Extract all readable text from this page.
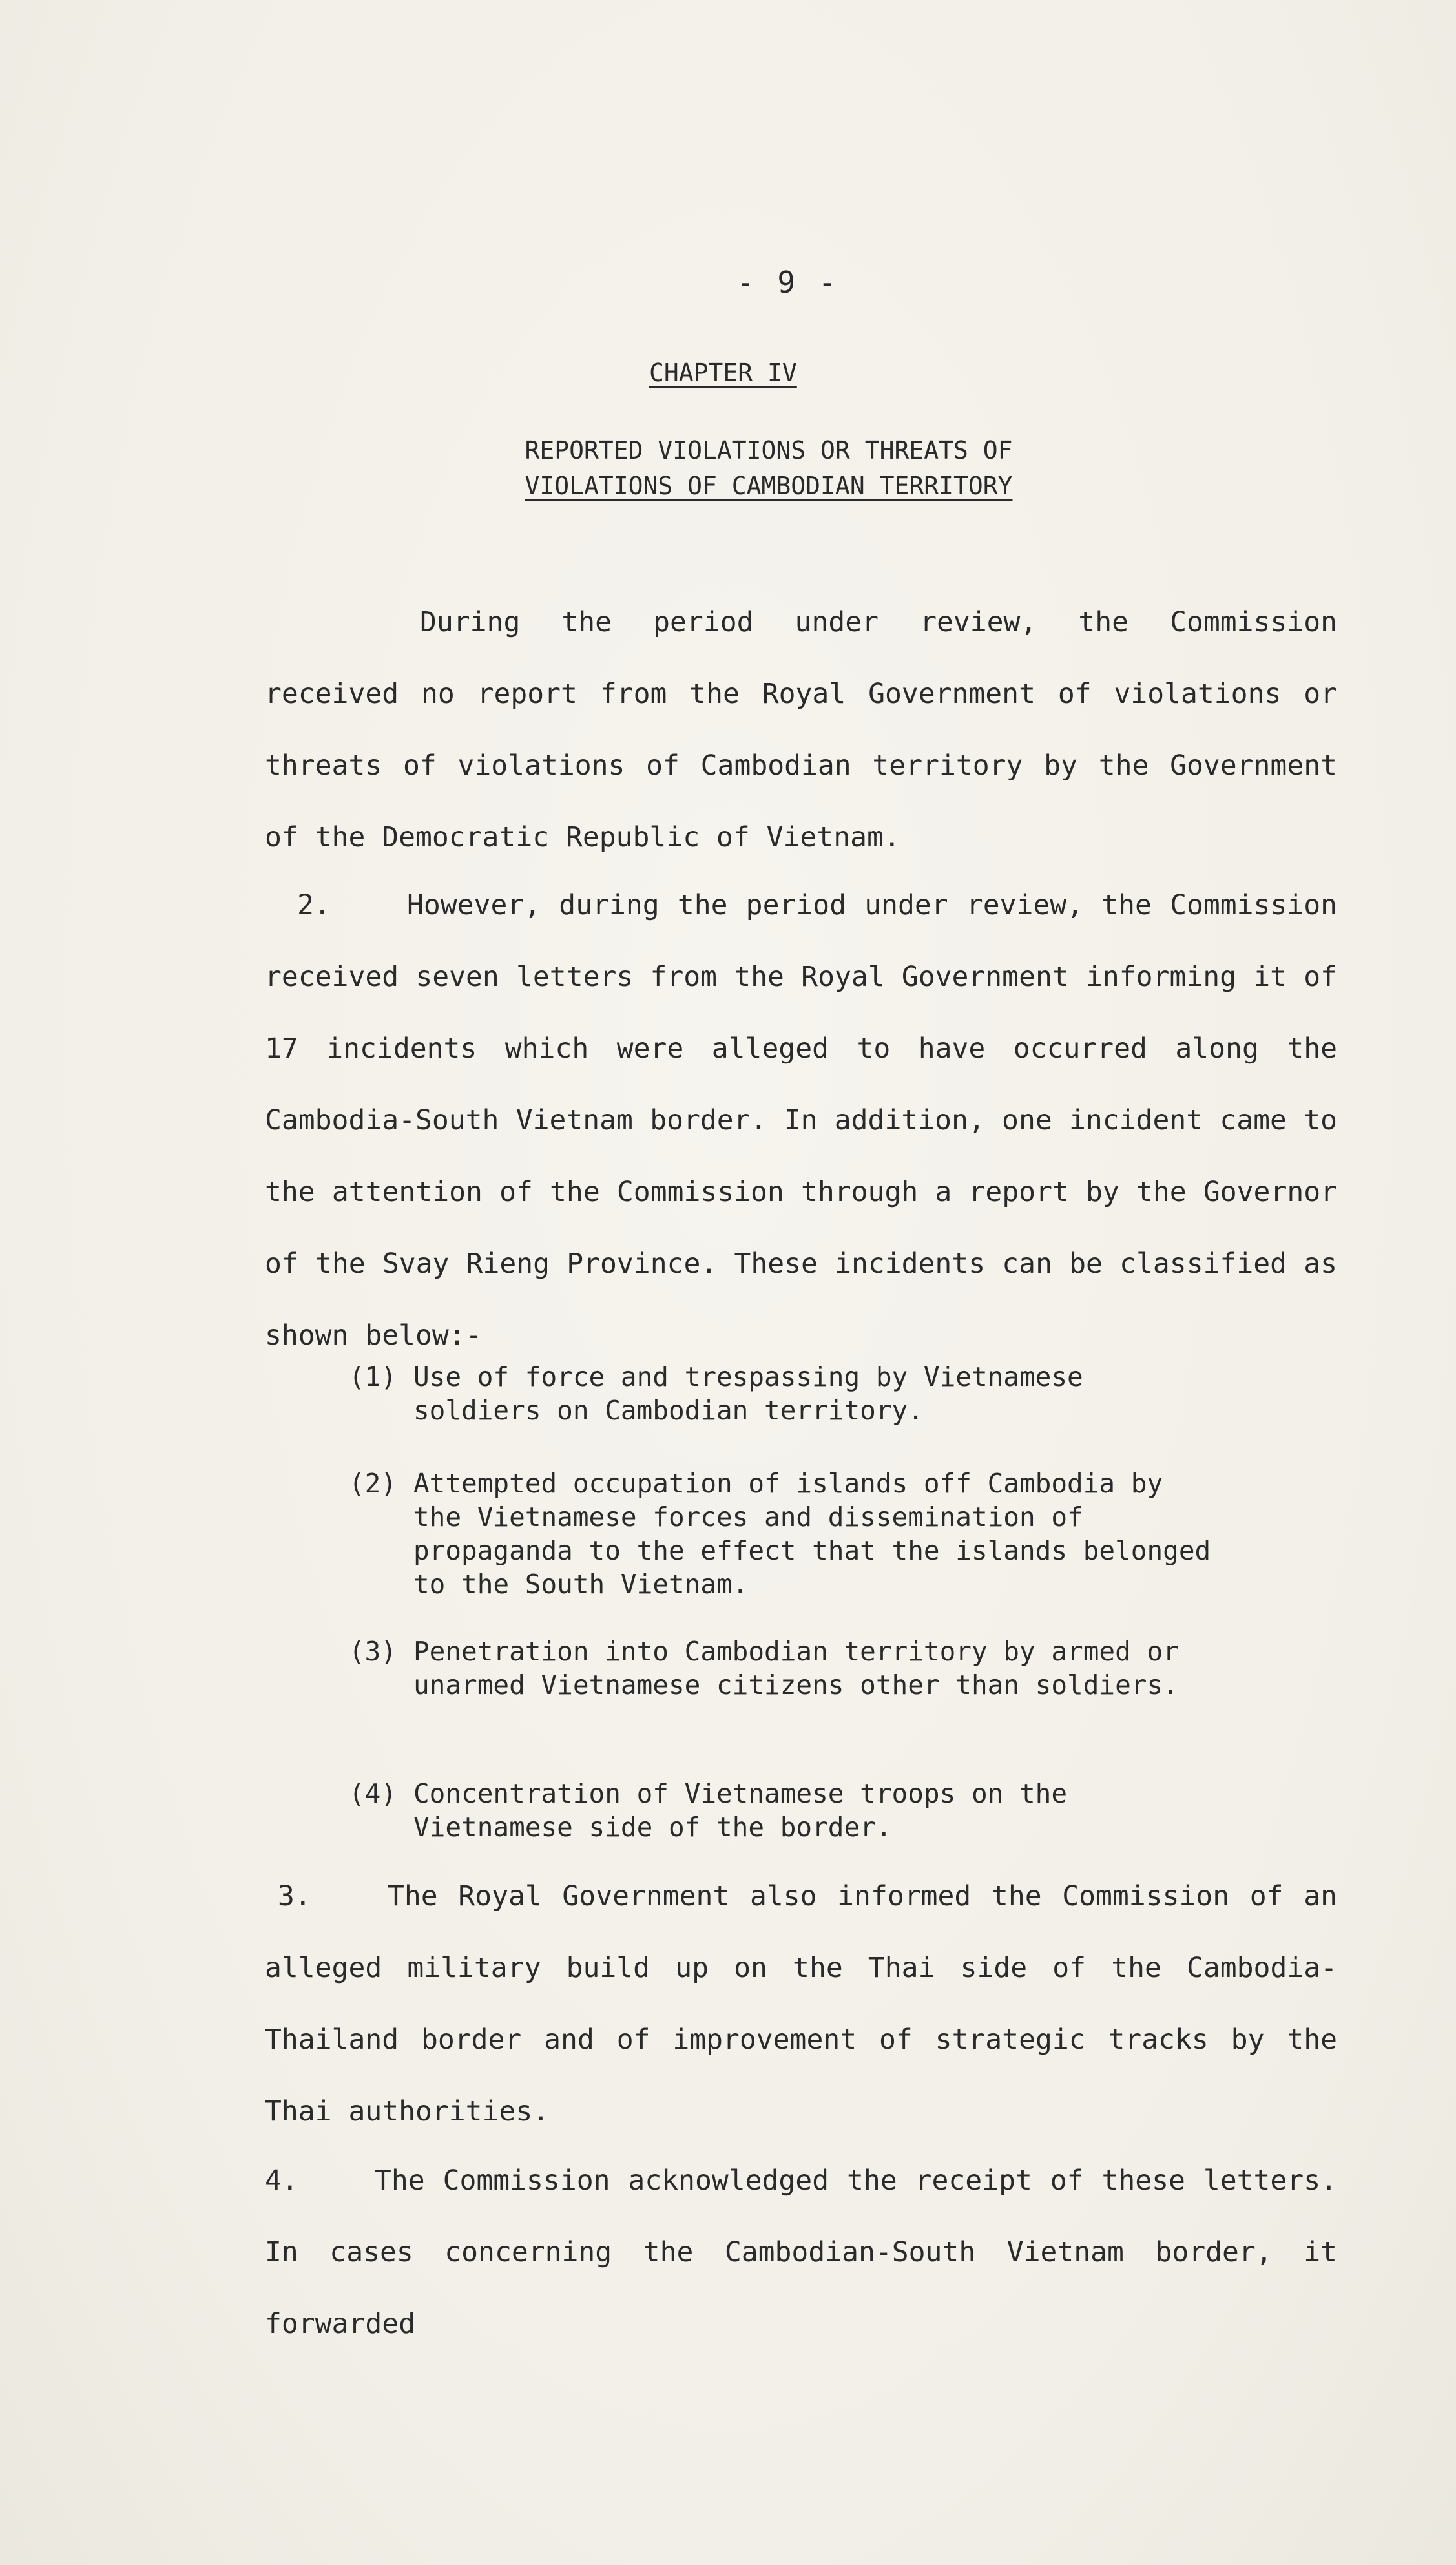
- 9 -
CHAPTER IV
REPORTED VIOLATIONS OR THREATS OF
VIOLATIONS OF CAMBODIAN TERRITORY
During the period under review, the Commission received no report from the Royal Government of violations or threats of violations of Cambodian territory by the Government of the Democratic Republic of Vietnam.
2.	However, during the period under review, the Commission received seven letters from the Royal Government informing it of 17 incidents which were alleged to have occurred along the Cambodia-South Vietnam border. In addition, one incident came to the attention of the Commission through a report by the Governor of the Svay Rieng Province. These incidents can be classified as shown below:-
(1) Use of force and trespassing by Vietnamese soldiers on Cambodian territory.
(2) Attempted occupation of islands off Cambodia by the Vietnamese forces and dissemination of propaganda to the effect that the islands belonged to the South Vietnam.
(3) Penetration into Cambodian territory by armed or unarmed Vietnamese citizens other than soldiers.
(4) Concentration of Vietnamese troops on the Vietnamese side of the border.
3.	The Royal Government also informed the Commission of an alleged military build up on the Thai side of the Cambodia-Thailand border and of improvement of strategic tracks by the Thai authorities.
4.	The Commission acknowledged the receipt of these letters. In cases concerning the Cambodian-South Vietnam border, it forwarded
